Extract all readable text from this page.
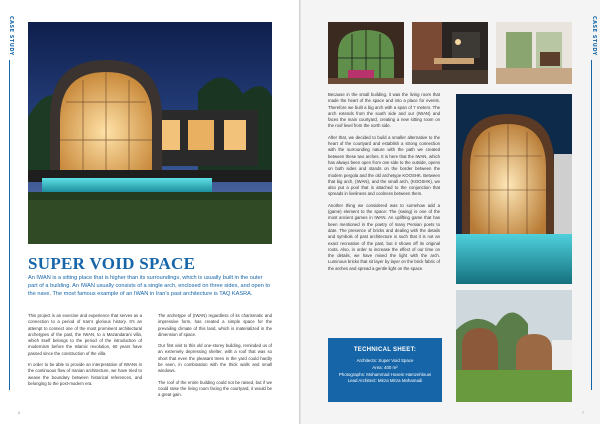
CASE STUDY
SUPER VOID SPACE
An IWAN is a sitting place that is higher than its surroundings, which is usually built in the outer part of a building. An IWAN usually consists of a single arch, enclosed on three sides, and open to the nave. The most famous example of an IWAN in Iran's past architecture is TAQ KASRA.

This project is an exercise and experience that serves as a connection to a period of Iran's glorious history. It's an attempt to connect one of the most prominent architectural archetypes of the past, the IWAN, to a Mazandarani villa, which itself belongs to the period of the introduction of modernism before the Islamic revolution, 60 years have passed since the construction of the villa.

In order to be able to provide an interpretation of IWANs in the continuous flow of Iranian architecture, we have tried to weave the boundary between historical references, and belonging to the post-modern era.

The archetype of (IWAN) regardless of its charismatic and impressive form, has created a simple space for the prevailing climate of this land, which is materialized in the dimension of space.

Our first visit to this old one-storey building, reminded us of an extremely depressing shelter, with a roof that was so short that even the pleasant trees in the yard could hardly be seen, in combination with the thick walls and small windows.

The roof of the entire building could not be raised, but if we could raise the living room facing the courtyard, it would be a great gain.

6
CASE STUDY
7

Because in the small building, it was the living room that made the heart of the space and into a place for events. Therefore we built a big arch with a span of 7 meters. The arch extends from the south side and our (IWAN) and faces the main courtyard, creating a new sitting room on the roof level from the north side.

After that, we decided to build a smaller alternative to the heart of the courtyard and establish a strong connection with the surrounding nature with the path we created between these two arches. It is here that the IWAN, which has always been open from one side to the outside, opens on both sides and stands on the border between the modern pergola and the old archetype KOOSHK. Between that big arch, (IWAN), and the small arch, (KOOSHK), we also put a pool that is attached to the conjunction that spreads in liveliness and coolness between them.

Another thing we considered was to somehow add a (game) element to the space: The (swing) is one of the most ancient games in IWAN. An uplifting game that has been mentioned in the poetry of many Persian poets to date. The presence of bricks and dealing with the details and symbols of past architecture is such that it is not an exact recreation of the past, but it shows off its original roots. Also, in order to increase the effect of our time on the details, we have mixed the light with the arch. Luminous bricks that sit layer by layer on the brick fabric of the arches and spread a gentle light on the space.

TECHNICAL SHEET:
Architects: Super Void Space
Area: 400 m²
Photographs: Mohammad Hosein Hamzehlouei
Lead Architect: Mirza Mirza Mohamadi
